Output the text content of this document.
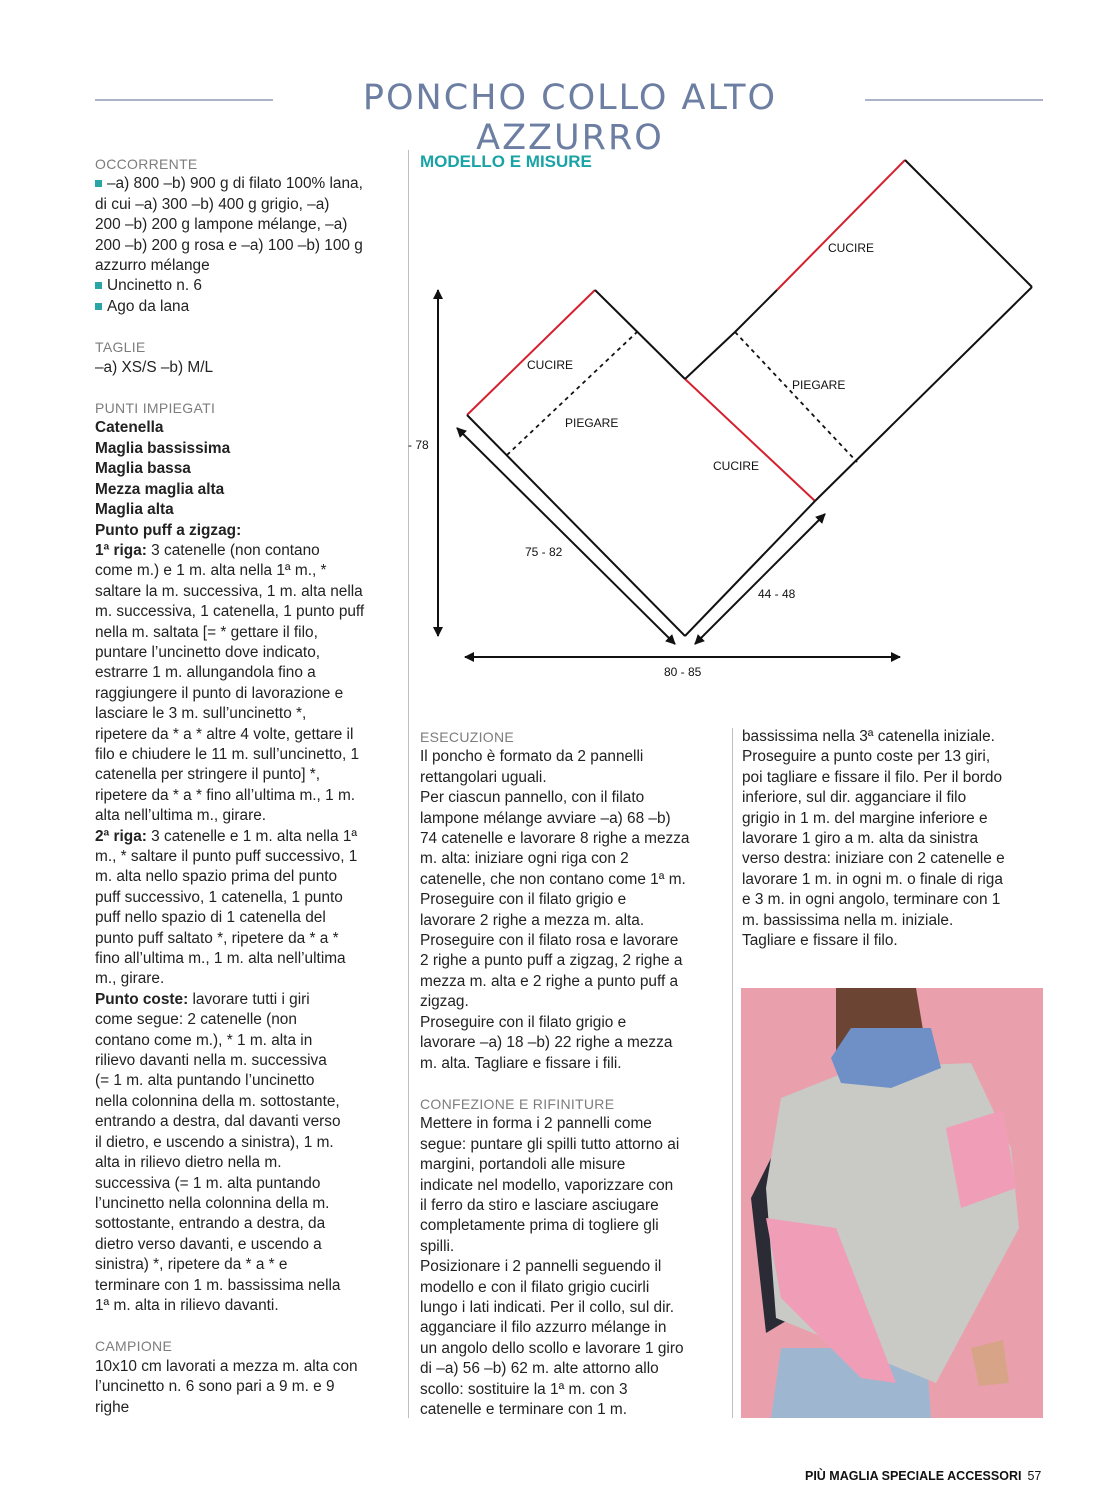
PONCHO COLLO ALTO AZZURRO

OCCORRENTE

–a) 800 –b) 900 g di filato 100% lana,
di cui –a) 300 –b) 400 g grigio, –a)
200 –b) 200 g lampone mélange, –a)
200 –b) 200 g rosa e –a) 100 –b) 100 g
azzurro mélange

Uncinetto n. 6

Ago da lana

TAGLIE

–a) XS/S –b) M/L

PUNTI IMPIEGATI

Catenella
Maglia bassissima
Maglia bassa
Mezza maglia alta
Maglia alta
Punto puff a zigzag:

1ª riga: 3 catenelle (non contano
come m.) e 1 m. alta nella 1ª m., *
saltare la m. successiva, 1 m. alta nella
m. successiva, 1 catenella, 1 punto puff
nella m. saltata [= * gettare il filo,
puntare l’uncinetto dove indicato,
estrarre 1 m. allungandola fino a
raggiungere il punto di lavorazione e
lasciare le 3 m. sull’uncinetto *,
ripetere da * a * altre 4 volte, gettare il
filo e chiudere le 11 m. sull’uncinetto, 1
catenella per stringere il punto] *,
ripetere da * a * fino all’ultima m., 1 m.
alta nell’ultima m., girare.

2ª riga: 3 catenelle e 1 m. alta nella 1ª
m., * saltare il punto puff successivo, 1
m. alta nello spazio prima del punto
puff successivo, 1 catenella, 1 punto
puff nello spazio di 1 catenella del
punto puff saltato *, ripetere da * a *
fino all’ultima m., 1 m. alta nell’ultima
m., girare.

Punto coste: lavorare tutti i giri
come segue: 2 catenelle (non
contano come m.), * 1 m. alta in
rilievo davanti nella m. successiva
(= 1 m. alta puntando l’uncinetto
nella colonnina della m. sottostante,
entrando a destra, dal davanti verso
il dietro, e uscendo a sinistra), 1 m.
alta in rilievo dietro nella m.
successiva (= 1 m. alta puntando
l’uncinetto nella colonnina della m.
sottostante, entrando a destra, da
dietro verso davanti, e uscendo a
sinistra) *, ripetere da * a * e
terminare con 1 m. bassissima nella
1ª m. alta in rilievo davanti.

CAMPIONE

10x10 cm lavorati a mezza m. alta con
l’uncinetto n. 6 sono pari a 9 m. e 9
righe

MODELLO E MISURE
CUCIRE
CUCIRE
PIEGARE
PIEGARE
CUCIRE
- 78
75 - 82
44 - 48
80 - 85

ESECUZIONE

Il poncho è formato da 2 pannelli
rettangolari uguali.
Per ciascun pannello, con il filato
lampone mélange avviare –a) 68 –b)
74 catenelle e lavorare 8 righe a mezza
m. alta: iniziare ogni riga con 2
catenelle, che non contano come 1ª m.
Proseguire con il filato grigio e
lavorare 2 righe a mezza m. alta.
Proseguire con il filato rosa e lavorare
2 righe a punto puff a zigzag, 2 righe a
mezza m. alta e 2 righe a punto puff a
zigzag.
Proseguire con il filato grigio e
lavorare –a) 18 –b) 22 righe a mezza
m. alta. Tagliare e fissare i fili.

CONFEZIONE E RIFINITURE

Mettere in forma i 2 pannelli come
segue: puntare gli spilli tutto attorno ai
margini, portandoli alle misure
indicate nel modello, vaporizzare con
il ferro da stiro e lasciare asciugare
completamente prima di togliere gli
spilli.
Posizionare i 2 pannelli seguendo il
modello e con il filato grigio cucirli
lungo i lati indicati. Per il collo, sul dir.
agganciare il filo azzurro mélange in
un angolo dello scollo e lavorare 1 giro
di –a) 56 –b) 62 m. alte attorno allo
scollo: sostituire la 1ª m. con 3
catenelle e terminare con 1 m.

bassissima nella 3ª catenella iniziale.
Proseguire a punto coste per 13 giri,
poi tagliare e fissare il filo. Per il bordo
inferiore, sul dir. agganciare il filo
grigio in 1 m. del margine inferiore e
lavorare 1 giro a m. alta da sinistra
verso destra: iniziare con 2 catenelle e
lavorare 1 m. in ogni m. o finale di riga
e 3 m. in ogni angolo, terminare con 1
m. bassissima nella m. iniziale.
Tagliare e fissare il filo.

PIÙ MAGLIA SPECIALE ACCESSORI 57
